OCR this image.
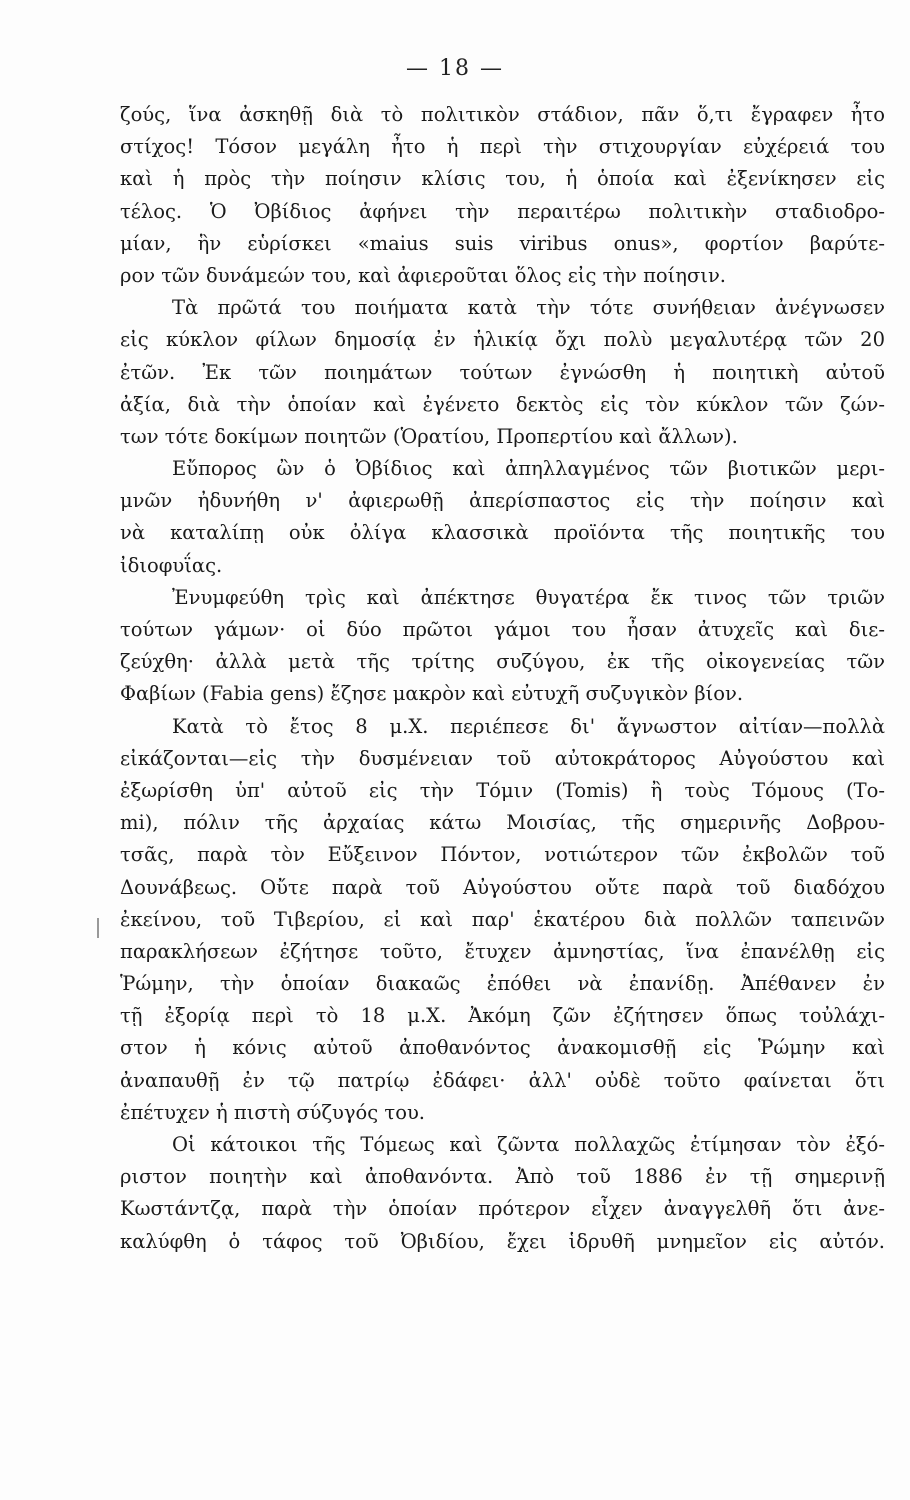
— 18 —
ζούς, ἵνα ἀσκηθῇ διὰ τὸ πολιτικὸν στάδιον, πᾶν ὅ,τι ἔγραφεν ἦτο
στίχος! Τόσον μεγάλη ἦτο ἡ περὶ τὴν στιχουργίαν εὐχέρειά του
καὶ ἡ πρὸς τὴν ποίησιν κλίσις του, ἡ ὁποία καὶ ἐξενίκησεν εἰς
τέλος. Ὁ Ὀβίδιος ἀφήνει τὴν περαιτέρω πολιτικὴν σταδιοδρο-
μίαν, ἣν εὑρίσκει «maius suis viribus onus», φορτίον βαρύτε-
ρον τῶν δυνάμεών του, καὶ ἀφιεροῦται ὅλος εἰς τὴν ποίησιν.
Τὰ πρῶτά του ποιήματα κατὰ τὴν τότε συνήθειαν ἀνέγνωσεν
εἰς κύκλον φίλων δημοσίᾳ ἐν ἡλικίᾳ ὄχι πολὺ μεγαλυτέρᾳ τῶν 20
ἐτῶν. Ἐκ τῶν ποιημάτων τούτων ἐγνώσθη ἡ ποιητικὴ αὐτοῦ
ἀξία, διὰ τὴν ὁποίαν καὶ ἐγένετο δεκτὸς εἰς τὸν κύκλον τῶν ζών-
των τότε δοκίμων ποιητῶν (Ὁρατίου, Προπερτίου καὶ ἄλλων).
Εὔπορος ὢν ὁ Ὀβίδιος καὶ ἀπηλλαγμένος τῶν βιοτικῶν μερι-
μνῶν ἠδυνήθη ν' ἀφιερωθῇ ἀπερίσπαστος εἰς τὴν ποίησιν καὶ
νὰ καταλίπῃ οὐκ ὀλίγα κλασσικὰ προϊόντα τῆς ποιητικῆς του
ἰδιοφυΐας.
Ἐνυμφεύθη τρὶς καὶ ἀπέκτησε θυγατέρα ἔκ τινος τῶν τριῶν
τούτων γάμων· οἱ δύο πρῶτοι γάμοι του ἦσαν ἀτυχεῖς καὶ διε-
ζεύχθη· ἀλλὰ μετὰ τῆς τρίτης συζύγου, ἐκ τῆς οἰκογενείας τῶν
Φαβίων (Fabia gens) ἔζησε μακρὸν καὶ εὐτυχῆ συζυγικὸν βίον.
Κατὰ τὸ ἔτος 8 μ.Χ. περιέπεσε δι' ἄγνωστον αἰτίαν—πολλὰ
εἰκάζονται—εἰς τὴν δυσμένειαν τοῦ αὐτοκράτορος Αὐγούστου καὶ
ἐξωρίσθη ὑπ' αὐτοῦ εἰς τὴν Τόμιν (Tomis) ἢ τοὺς Τόμους (Το-
mi), πόλιν τῆς ἀρχαίας κάτω Μοισίας, τῆς σημερινῆς Δοβρου-
τσᾶς, παρὰ τὸν Εὔξεινον Πόντον, νοτιώτερον τῶν ἐκβολῶν τοῦ
Δουνάβεως. Οὔτε παρὰ τοῦ Αὐγούστου οὔτε παρὰ τοῦ διαδόχου
ἐκείνου, τοῦ Τιβερίου, εἰ καὶ παρ' ἑκατέρου διὰ πολλῶν ταπεινῶν
παρακλήσεων ἐζήτησε τοῦτο, ἔτυχεν ἀμνηστίας, ἵνα ἐπανέλθῃ εἰς
Ῥώμην, τὴν ὁποίαν διακαῶς ἐπόθει νὰ ἐπανίδῃ. Ἀπέθανεν ἐν
τῇ ἐξορίᾳ περὶ τὸ 18 μ.Χ. Ἀκόμη ζῶν ἐζήτησεν ὅπως τοὐλάχι-
στον ἡ κόνις αὐτοῦ ἀποθανόντος ἀνακομισθῇ εἰς Ῥώμην καὶ
ἀναπαυθῇ ἐν τῷ πατρίῳ ἐδάφει· ἀλλ' οὐδὲ τοῦτο φαίνεται ὅτι
ἐπέτυχεν ἡ πιστὴ σύζυγός του.
Οἱ κάτοικοι τῆς Τόμεως καὶ ζῶντα πολλαχῶς ἐτίμησαν τὸν ἐξό-
ριστον ποιητὴν καὶ ἀποθανόντα. Ἀπὸ τοῦ 1886 ἐν τῇ σημερινῇ
Κωστάντζᾳ, παρὰ τὴν ὁποίαν πρότερον εἶχεν ἀναγγελθῆ ὅτι ἀνε-
καλύφθη ὁ τάφος τοῦ Ὀβιδίου, ἔχει ἱδρυθῆ μνημεῖον εἰς αὐτόν.
